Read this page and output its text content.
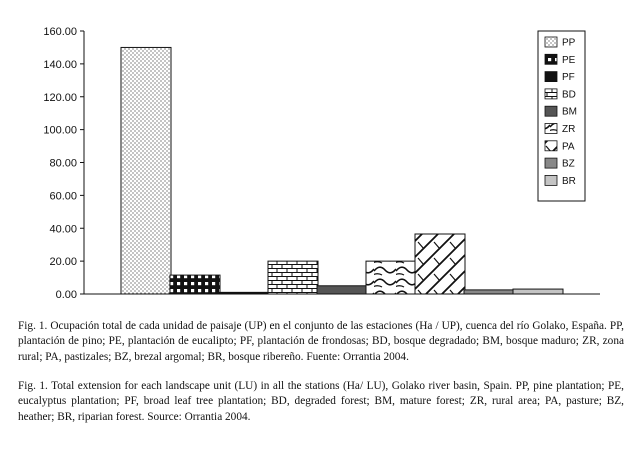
0.00
20.00
40.00
60.00
80.00
100.00
120.00
140.00
160.00
PP
PE
PF
BD
BM
ZR
PA
BZ
BR

Fig. 1. Ocupación total de cada unidad de paisaje (UP) en el conjunto de las estaciones (Ha / UP), cuenca del río Golako, España. PP, plantación de pino; PE, plantación de eucalipto; PF, plantación de frondosas; BD, bosque degradado; BM, bosque maduro; ZR, zona rural; PA, pastizales; BZ, brezal argomal; BR, bosque ribereño. Fuente: Orrantia 2004.

Fig. 1. Total extension for each landscape unit (LU) in all the stations (Ha/ LU), Golako river basin, Spain. PP, pine plantation; PE, eucalyptus plantation; PF, broad leaf tree plantation; BD, degraded forest; BM, mature forest; ZR, rural area; PA, pasture; BZ, heather; BR, riparian forest. Source: Orrantia 2004.
